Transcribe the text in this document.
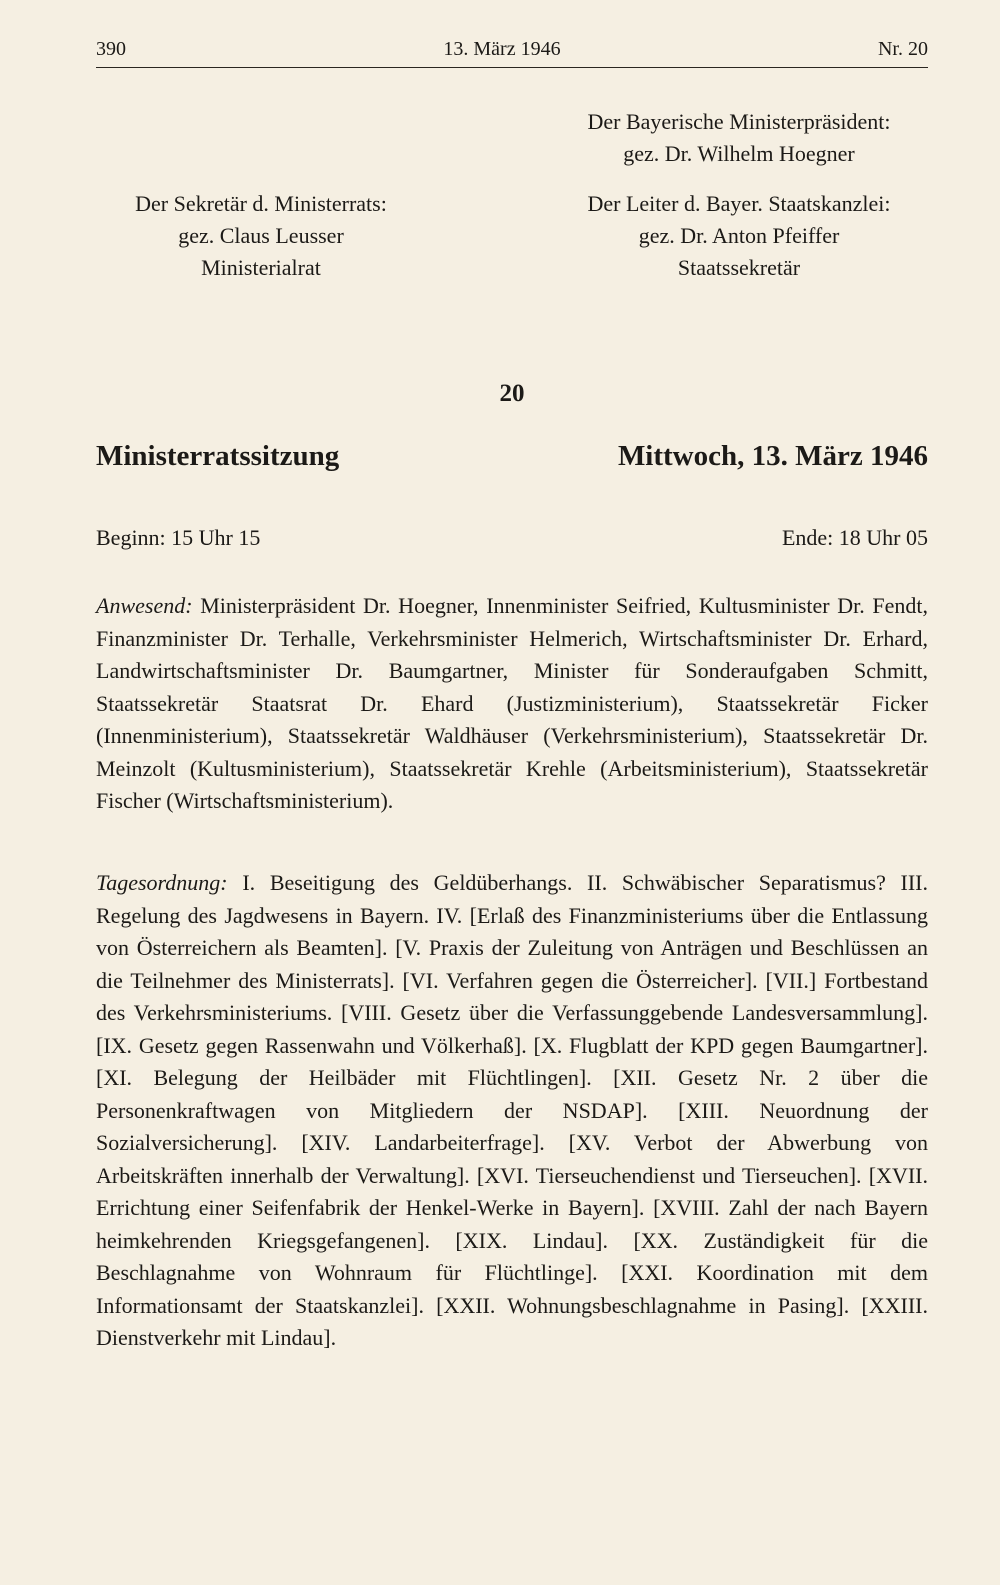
390	13. März 1946	Nr. 20
Der Bayerische Ministerpräsident:
gez. Dr. Wilhelm Hoegner
Der Sekretär d. Ministerrats:
gez. Claus Leusser
Ministerialrat
Der Leiter d. Bayer. Staatskanzlei:
gez. Dr. Anton Pfeiffer
Staatssekretär
20
Ministerratssitzung	Mittwoch, 13. März 1946
Beginn: 15 Uhr 15	Ende: 18 Uhr 05
Anwesend: Ministerpräsident Dr. Hoegner, Innenminister Seifried, Kultusminister Dr. Fendt, Finanzminister Dr. Terhalle, Verkehrsminister Helmerich, Wirtschaftsminister Dr. Erhard, Landwirtschaftsminister Dr. Baumgartner, Minister für Sonderaufgaben Schmitt, Staatssekretär Staatsrat Dr. Ehard (Justizministerium), Staatssekretär Ficker (Innenministerium), Staatssekretär Waldhäuser (Verkehrsministerium), Staatssekretär Dr. Meinzolt (Kultusministerium), Staatssekretär Krehle (Arbeitsministerium), Staatssekretär Fischer (Wirtschaftsministerium).
Tagesordnung: I. Beseitigung des Geldüberhangs. II. Schwäbischer Separatismus? III. Regelung des Jagdwesens in Bayern. IV. [Erlaß des Finanzministeriums über die Entlassung von Österreichern als Beamten]. [V. Praxis der Zuleitung von Anträgen und Beschlüssen an die Teilnehmer des Ministerrats]. [VI. Verfahren gegen die Österreicher]. [VII.] Fortbestand des Verkehrsministeriums. [VIII. Gesetz über die Verfassunggebende Landesversammlung]. [IX. Gesetz gegen Rassenwahn und Völkerhaß]. [X. Flugblatt der KPD gegen Baumgartner]. [XI. Belegung der Heilbäder mit Flüchtlingen]. [XII. Gesetz Nr. 2 über die Personenkraftwagen von Mitgliedern der NSDAP]. [XIII. Neuordnung der Sozialversicherung]. [XIV. Landarbeiterfrage]. [XV. Verbot der Abwerbung von Arbeitskräften innerhalb der Verwaltung]. [XVI. Tierseuchendienst und Tierseuchen]. [XVII. Errichtung einer Seifenfabrik der Henkel-Werke in Bayern]. [XVIII. Zahl der nach Bayern heimkehrenden Kriegsgefangenen]. [XIX. Lindau]. [XX. Zuständigkeit für die Beschlagnahme von Wohnraum für Flüchtlinge]. [XXI. Koordination mit dem Informationsamt der Staatskanzlei]. [XXII. Wohnungsbeschlagnahme in Pasing]. [XXIII. Dienstverkehr mit Lindau].
